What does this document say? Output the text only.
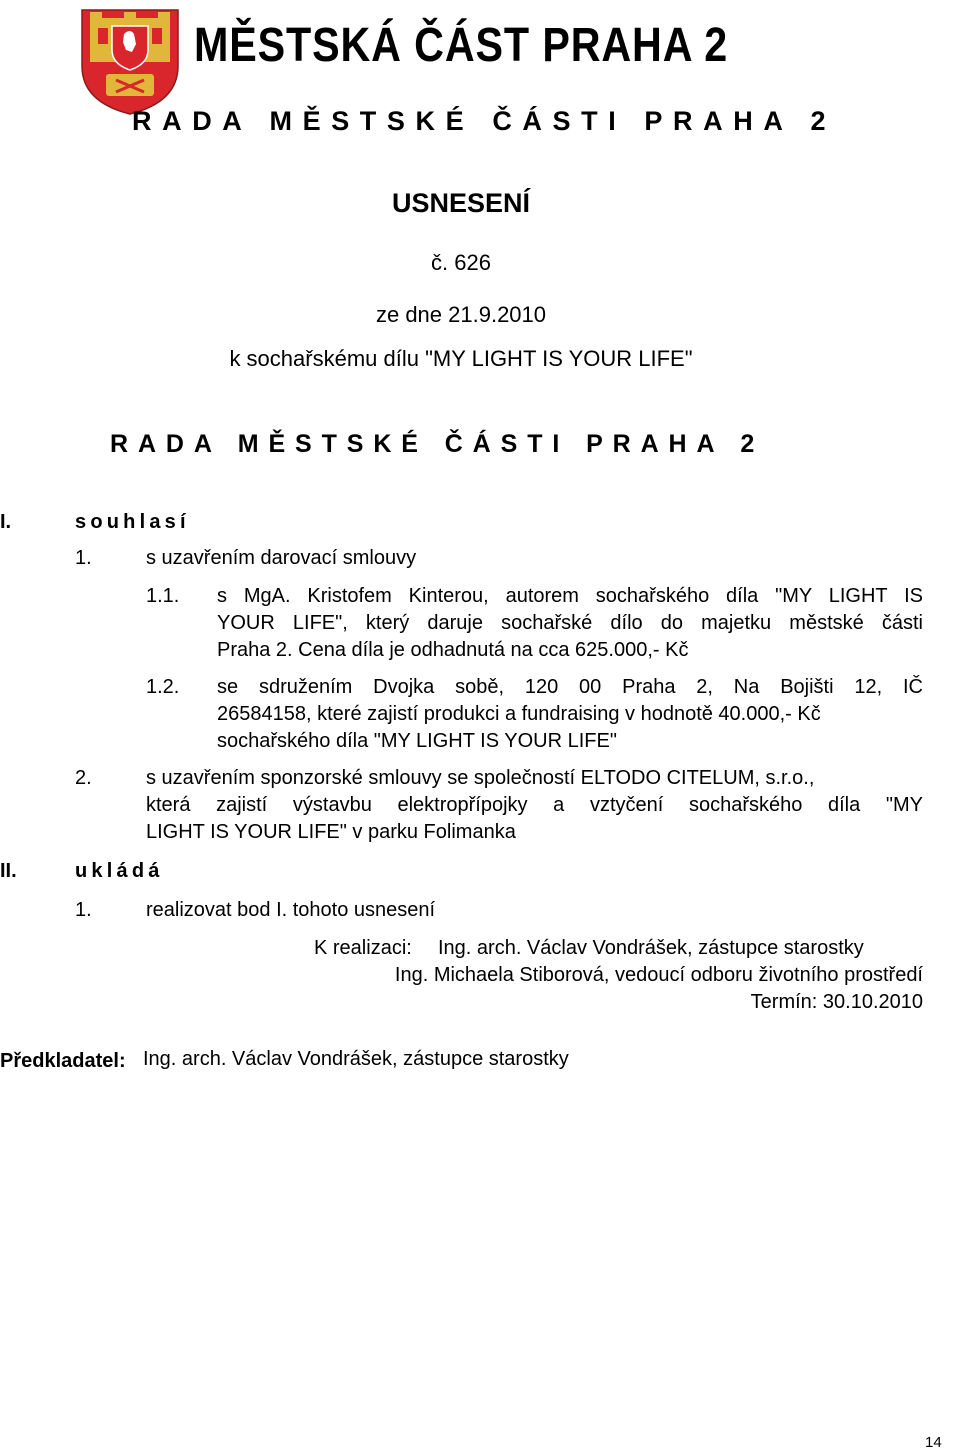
MĚSTSKÁ ČÁST PRAHA 2
RADA MĚSTSKÉ ČÁSTI PRAHA 2
USNESENÍ
č. 626
ze dne 21.9.2010
k sochařskému dílu "MY LIGHT IS YOUR LIFE"
RADA MĚSTSKÉ ČÁSTI PRAHA 2
I.	souhlasí
1.	s uzavřením darovací smlouvy
1.1. s MgA. Kristofem Kinterou, autorem sochařského díla "MY LIGHT IS
YOUR LIFE", který daruje sochařské dílo do majetku městské části
Praha 2. Cena díla je odhadnutá na cca 625.000,- Kč
1.2. se sdružením Dvojka sobě, 120 00 Praha 2, Na Bojišti 12, IČ
26584158, které zajistí produkci a fundraising v hodnotě 40.000,- Kč
sochařského díla "MY LIGHT IS YOUR LIFE"
2.	s uzavřením sponzorské smlouvy se společností ELTODO CITELUM, s.r.o.,
která zajistí výstavbu elektropřípojky a vztyčení sochařského díla "MY
LIGHT IS YOUR LIFE" v parku Folimanka
II.	ukládá
1.	realizovat bod I. tohoto usnesení
K realizaci: Ing. arch. Václav Vondrášek, zástupce starostky
Ing. Michaela Stiborová, vedoucí odboru životního prostředí
Termín: 30.10.2010
Předkladatel: Ing. arch. Václav Vondrášek, zástupce starostky
14
